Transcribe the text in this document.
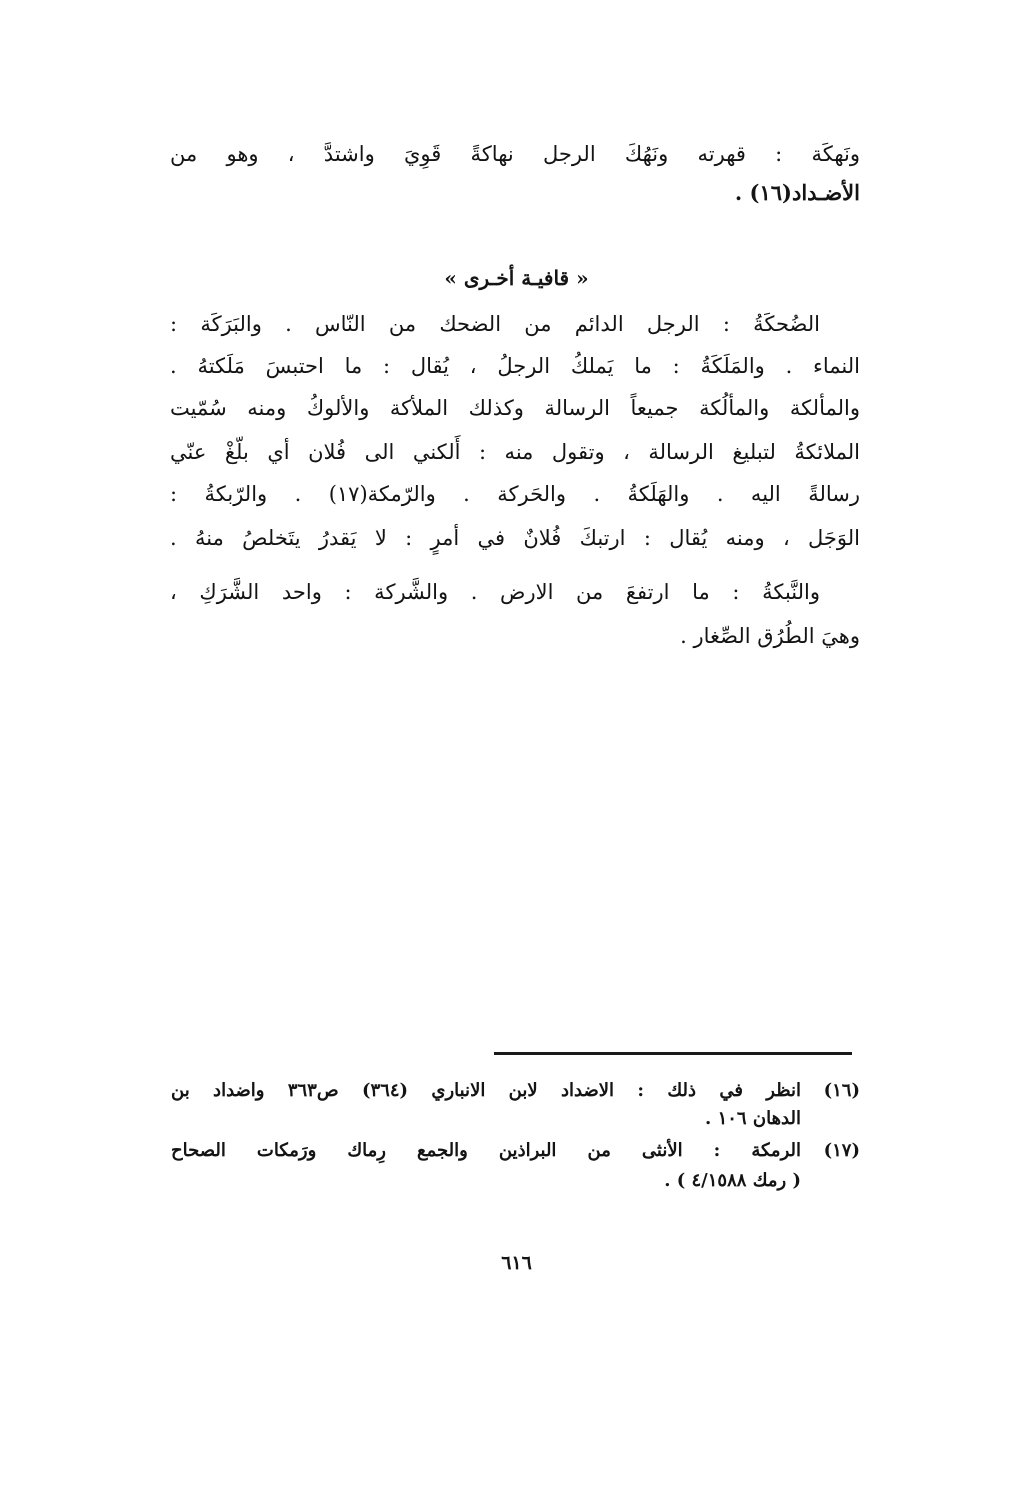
ونَهكَة : قهرته ونَهُكَ الرجل نهاكةً قَوِيَ واشتدَّ ، وهو من
الأضـداد(١٦) .
« قافيـة أخـرى »
الضُحكَةُ : الرجل الدائم من الضحك من النّاس . والبَرَكَة :
النماء . والمَلَكَةُ : ما يَملكُ الرجلُ ، يُقال : ما احتبسَ مَلَكتهُ .
والمألكة والمألُكة جميعاً الرسالة وكذلك الملأكة والألوكُ ومنه سُمّيت
الملائكةُ لتبليغ الرسالة ، وتقول منه : أَلكني الى فُلان أي بلّغْ عنّي
رسالةً اليه . والهَلَكةُ . والحَركة . والرّمكة(١٧) . والرّبكةُ :
الوَجَل ، ومنه يُقال : ارتبكَ فُلانٌ في أمرٍ : لا يَقدرُ يتَخلصُ منهُ .
والنَّبكةُ : ما ارتفعَ من الارض . والشَّركة : واحد الشَّرَكِ ،
وهيَ الطُرُق الصِّغار .
(١٦)
انظر في ذلك : الاضداد لابن الانباري (٣٦٤) ص٣٦٣ واضداد بن
الدهان ١٠٦ .
(١٧)
الرمكة : الأنثى من البراذين والجمع رِماك ورَمكات الصحاح
( رمك ٤/١٥٨٨ ) .
٦١٦
